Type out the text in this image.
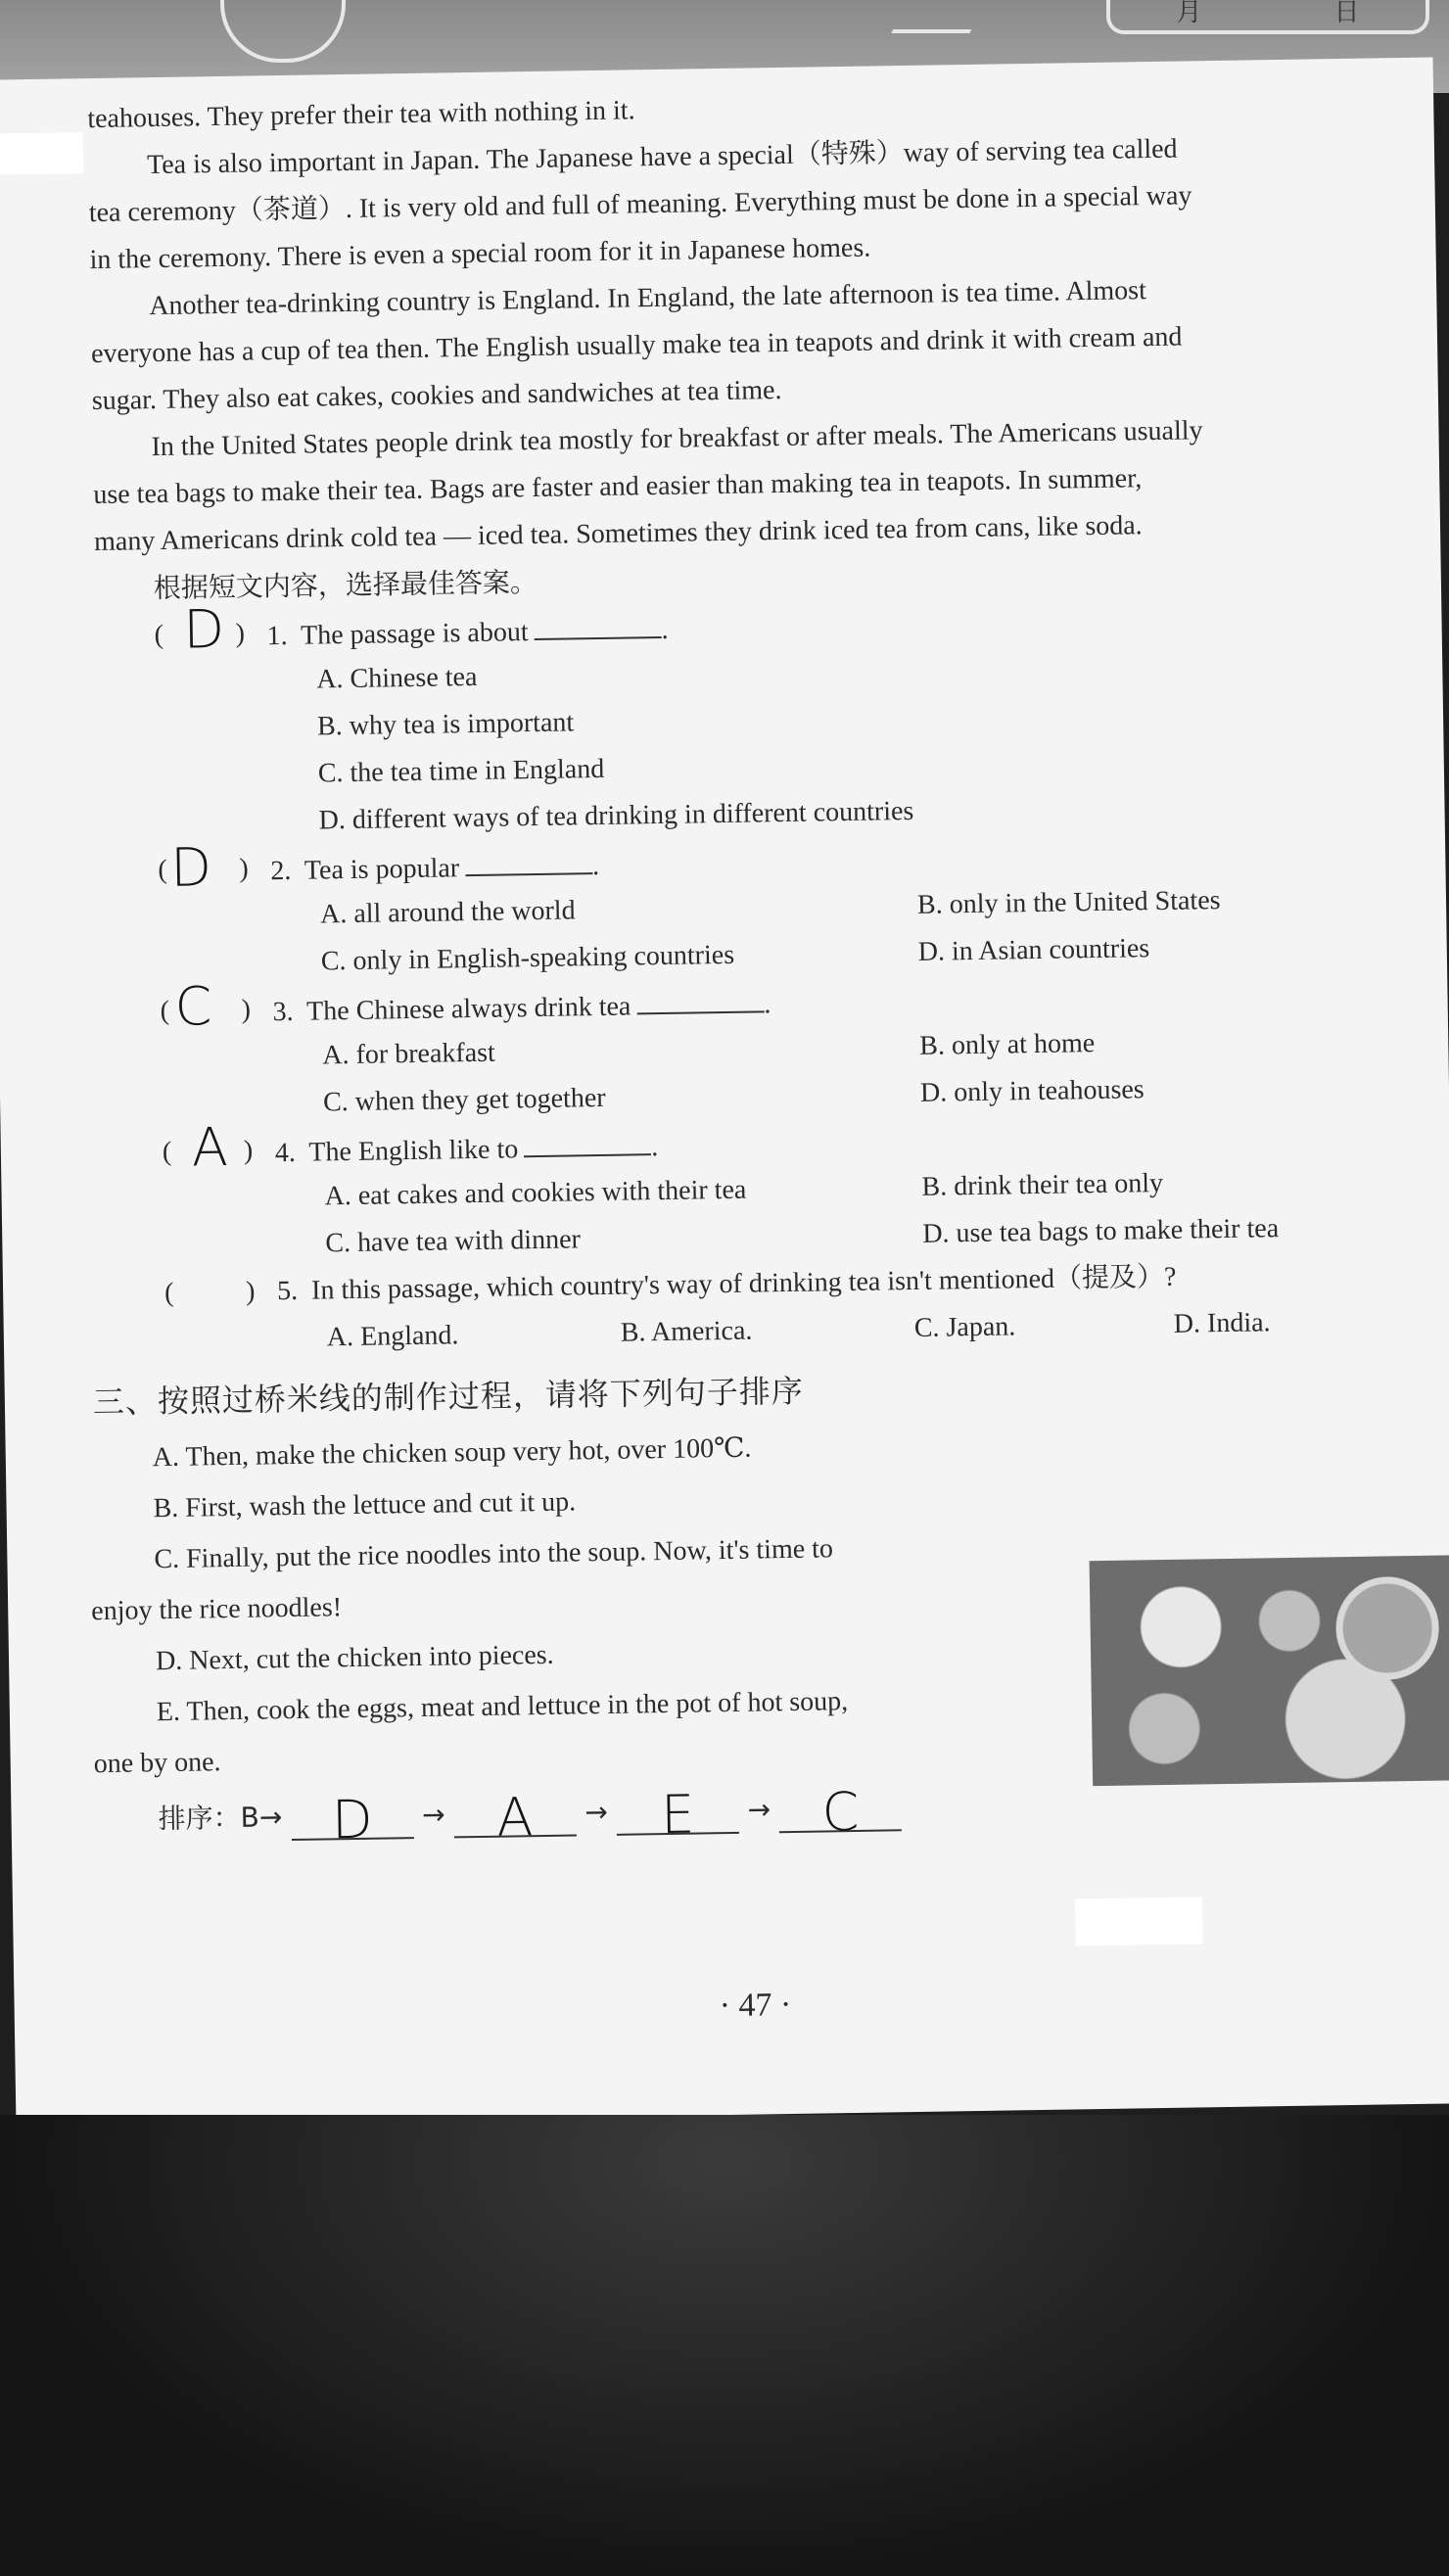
月	日
teahouses. They prefer their tea with nothing in it.
Tea is also important in Japan. The Japanese have a special（特殊）way of serving tea called
tea ceremony（茶道）. It is very old and full of meaning. Everything must be done in a special way
in the ceremony. There is even a special room for it in Japanese homes.
Another tea-drinking country is England. In England, the late afternoon is tea time. Almost
everyone has a cup of tea then. The English usually make tea in teapots and drink it with cream and
sugar. They also eat cakes, cookies and sandwiches at tea time.
In the United States people drink tea mostly for breakfast or after meals. The Americans usually
use tea bags to make their tea. Bags are faster and easier than making tea in teapots. In summer,
many Americans drink cold tea — iced tea. Sometimes they drink iced tea from cans, like soda.
根据短文内容，选择最佳答案。
( D ) 1. The passage is about	.
A. Chinese tea
B. why tea is important
C. the tea time in England
D. different ways of tea drinking in different countries
( D ) 2. Tea is popular	.
A. all around the world	B. only in the United States
C. only in English-speaking countries	D. in Asian countries
( C ) 3. The Chinese always drink tea	.
A. for breakfast	B. only at home
C. when they get together	D. only in teahouses
( A ) 4. The English like to	.
A. eat cakes and cookies with their tea	B. drink their tea only
C. have tea with dinner	D. use tea bags to make their tea
(	) 5. In this passage, which country's way of drinking tea isn't mentioned（提及）?
A. England.	B. America.	C. Japan.	D. India.
三、按照过桥米线的制作过程，请将下列句子排序
A. Then, make the chicken soup very hot, over 100℃.
B. First, wash the lettuce and cut it up.
C. Finally, put the rice noodles into the soup. Now, it's time to
enjoy the rice noodles!
D. Next, cut the chicken into pieces.
E. Then, cook the eggs, meat and lettuce in the pot of hot soup,
one by one.
排序：B→ D → A → E → C
· 47 ·
